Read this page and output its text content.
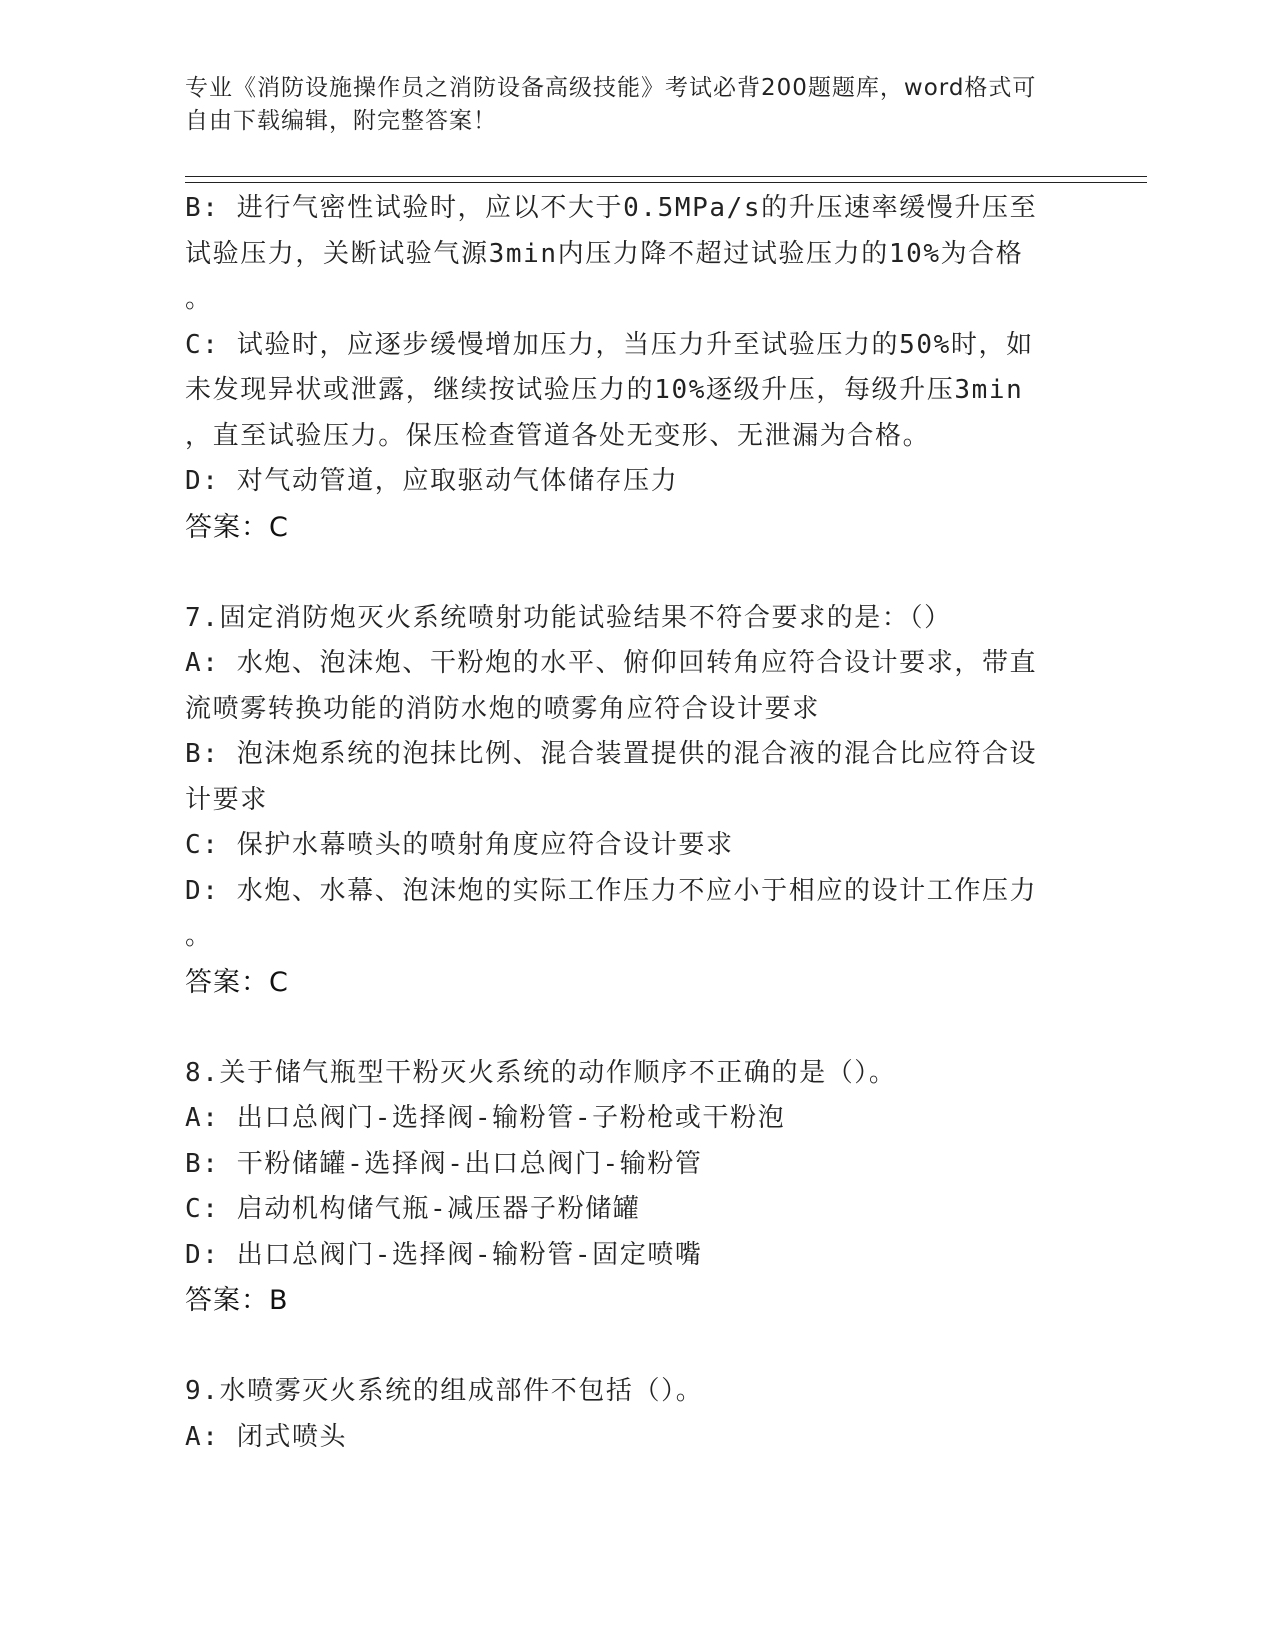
专业《消防设施操作员之消防设备高级技能》考试必背200题题库，word格式可
自由下载编辑，附完整答案！
B: 进行气密性试验时，应以不大于0.5MPa/s的升压速率缓慢升压至
试验压力，关断试验气源3min内压力降不超过试验压力的10%为合格
。
C: 试验时，应逐步缓慢增加压力，当压力升至试验压力的50%时，如
未发现异状或泄露，继续按试验压力的10%逐级升压，每级升压3min
，直至试验压力。保压检查管道各处无变形、无泄漏为合格。
D: 对气动管道，应取驱动气体储存压力
答案：C
7.固定消防炮灭火系统喷射功能试验结果不符合要求的是：（）
A: 水炮、泡沫炮、干粉炮的水平、俯仰回转角应符合设计要求，带直
流喷雾转换功能的消防水炮的喷雾角应符合设计要求
B: 泡沫炮系统的泡抹比例、混合装置提供的混合液的混合比应符合设
计要求
C: 保护水幕喷头的喷射角度应符合设计要求
D: 水炮、水幕、泡沫炮的实际工作压力不应小于相应的设计工作压力
。
答案：C
8.关于储气瓶型干粉灭火系统的动作顺序不正确的是（）。
A: 出口总阀门-选择阀-输粉管-子粉枪或干粉泡
B: 干粉储罐-选择阀-出口总阀门-输粉管
C: 启动机构储气瓶-减压器子粉储罐
D: 出口总阀门-选择阀-输粉管-固定喷嘴
答案：B
9.水喷雾灭火系统的组成部件不包括（）。
A: 闭式喷头
